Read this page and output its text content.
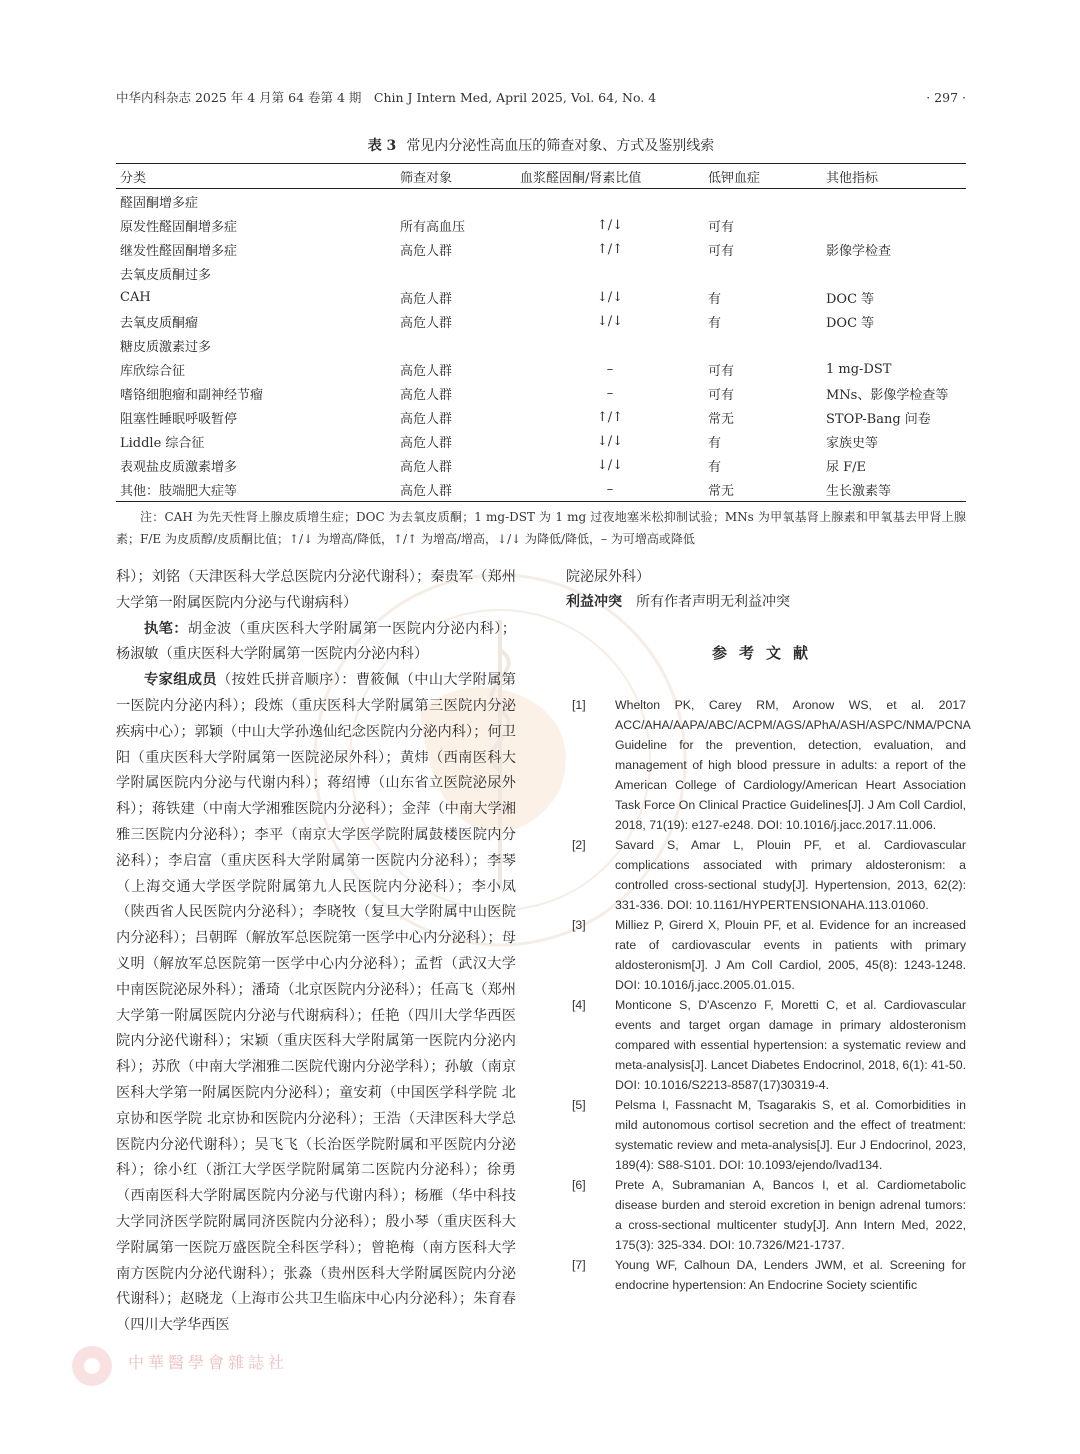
中华内科杂志 2025 年 4 月第 64 卷第 4 期　Chin J Intern Med, April 2025, Vol. 64, No. 4	· 297 ·
表 3 常见内分泌性高血压的筛查对象、方式及鉴别线索
分类	筛查对象	血浆醛固酮/肾素比值	低钾血症	其他指标
醛固酮增多症				
原发性醛固酮增多症	所有高血压	↑/↓	可有	
继发性醛固酮增多症	高危人群	↑/↑	可有	影像学检查
去氧皮质酮过多				
CAH	高危人群	↓/↓	有	DOC 等
去氧皮质酮瘤	高危人群	↓/↓	有	DOC 等
糖皮质激素过多				
库欣综合征	高危人群	–	可有	1 mg-DST
嗜铬细胞瘤和副神经节瘤	高危人群	–	可有	MNs、影像学检查等
阻塞性睡眠呼吸暂停	高危人群	↑/↑	常无	STOP-Bang 问卷
Liddle 综合征	高危人群	↓/↓	有	家族史等
表观盐皮质激素增多	高危人群	↓/↓	有	尿 F/E
其他：肢端肥大症等	高危人群	–	常无	生长激素等
注：CAH 为先天性肾上腺皮质增生症；DOC 为去氧皮质酮；1 mg-DST 为 1 mg 过夜地塞米松抑制试验；MNs 为甲氧基肾上腺素和甲氧基去甲肾上腺素；F/E 为皮质醇/皮质酮比值；↑/↓ 为增高/降低，↑/↑ 为增高/增高，↓/↓ 为降低/降低，– 为可增高或降低

科）；刘铭（天津医科大学总医院内分泌代谢科）；秦贵军（郑州大学第一附属医院内分泌与代谢病科）

执笔：胡金波（重庆医科大学附属第一医院内分泌内科）；杨淑敏（重庆医科大学附属第一医院内分泌内科）

专家组成员（按姓氏拼音顺序）：曹筱佩（中山大学附属第一医院内分泌内科）；段炼（重庆医科大学附属第三医院内分泌疾病中心）；郭颖（中山大学孙逸仙纪念医院内分泌内科）；何卫阳（重庆医科大学附属第一医院泌尿外科）；黄炜（西南医科大学附属医院内分泌与代谢内科）；蒋绍博（山东省立医院泌尿外科）；蒋铁建（中南大学湘雅医院内分泌科）；金萍（中南大学湘雅三医院内分泌科）；李平（南京大学医学院附属鼓楼医院内分泌科）；李启富（重庆医科大学附属第一医院内分泌科）；李琴（上海交通大学医学院附属第九人民医院内分泌科）；李小凤（陕西省人民医院内分泌科）；李晓牧（复旦大学附属中山医院内分泌科）；吕朝晖（解放军总医院第一医学中心内分泌科）；母义明（解放军总医院第一医学中心内分泌科）；孟哲（武汉大学中南医院泌尿外科）；潘琦（北京医院内分泌科）；任高飞（郑州大学第一附属医院内分泌与代谢病科）；任艳（四川大学华西医院内分泌代谢科）；宋颖（重庆医科大学附属第一医院内分泌内科）；苏欣（中南大学湘雅二医院代谢内分泌学科）；孙敏（南京医科大学第一附属医院内分泌科）；童安莉（中国医学科学院 北京协和医学院 北京协和医院内分泌科）；王浩（天津医科大学总医院内分泌代谢科）；吴飞飞（长治医学院附属和平医院内分泌科）；徐小红（浙江大学医学院附属第二医院内分泌科）；徐勇（西南医科大学附属医院内分泌与代谢内科）；杨雁（华中科技大学同济医学院附属同济医院内分泌科）；殷小琴（重庆医科大学附属第一医院万盛医院全科医学科）；曾艳梅（南方医科大学南方医院内分泌代谢科）；张淼（贵州医科大学附属医院内分泌代谢科）；赵晓龙（上海市公共卫生临床中心内分泌科）；朱育春（四川大学华西医

院泌尿外科）

利益冲突 所有作者声明无利益冲突

参考文献
[1] Whelton PK, Carey RM, Aronow WS, et al. 2017 ACC/AHA/AAPA/ABC/ACPM/AGS/APhA/ASH/ASPC/NMA/PCNA Guideline for the prevention, detection, evaluation, and management of high blood pressure in adults: a report of the American College of Cardiology/American Heart Association Task Force On Clinical Practice Guidelines[J]. J Am Coll Cardiol, 2018, 71(19): e127-e248. DOI: 10.1016/j.jacc.2017.11.006.
[2] Savard S, Amar L, Plouin PF, et al. Cardiovascular complications associated with primary aldosteronism: a controlled cross-sectional study[J]. Hypertension, 2013, 62(2): 331-336. DOI: 10.1161/HYPERTENSIONAHA.113.01060.
[3] Milliez P, Girerd X, Plouin PF, et al. Evidence for an increased rate of cardiovascular events in patients with primary aldosteronism[J]. J Am Coll Cardiol, 2005, 45(8): 1243-1248. DOI: 10.1016/j.jacc.2005.01.015.
[4] Monticone S, D'Ascenzo F, Moretti C, et al. Cardiovascular events and target organ damage in primary aldosteronism compared with essential hypertension: a systematic review and meta-analysis[J]. Lancet Diabetes Endocrinol, 2018, 6(1): 41-50. DOI: 10.1016/S2213-8587(17)30319-4.
[5] Pelsma I, Fassnacht M, Tsagarakis S, et al. Comorbidities in mild autonomous cortisol secretion and the effect of treatment: systematic review and meta-analysis[J]. Eur J Endocrinol, 2023, 189(4): S88-S101. DOI: 10.1093/ejendo/lvad134.
[6] Prete A, Subramanian A, Bancos I, et al. Cardiometabolic disease burden and steroid excretion in benign adrenal tumors: a cross-sectional multicenter study[J]. Ann Intern Med, 2022, 175(3): 325-334. DOI: 10.7326/M21-1737.
[7] Young WF, Calhoun DA, Lenders JWM, et al. Screening for endocrine hypertension: An Endocrine Society scientific
中華醫學會雜誌社
